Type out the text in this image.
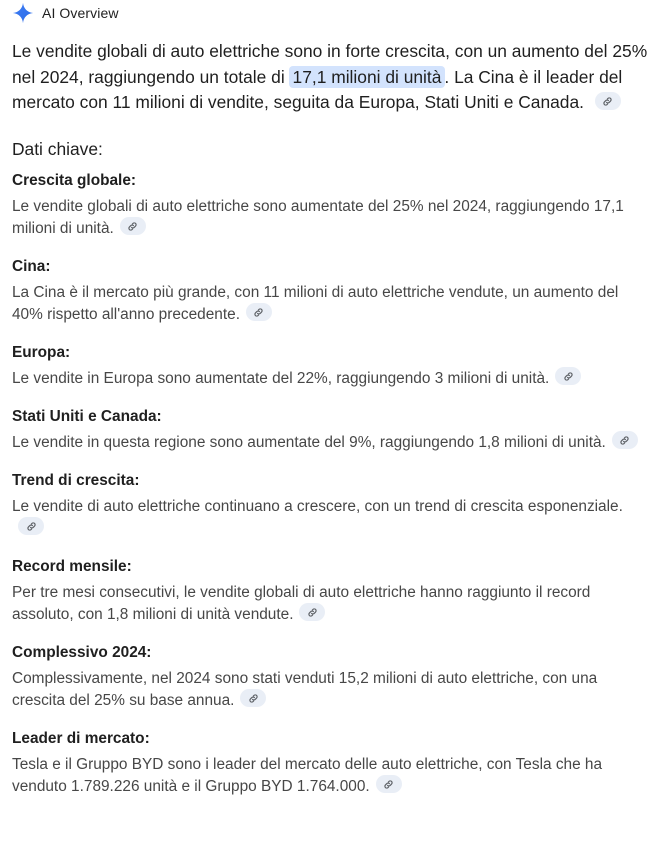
AI Overview
Le vendite globali di auto elettriche sono in forte crescita, con un aumento del 25% nel 2024, raggiungendo un totale di 17,1 milioni di unità . La Cina è il leader del mercato con 11 milioni di vendite, seguita da Europa, Stati Uniti e Canada.
Dati chiave:
Crescita globale:
Le vendite globali di auto elettriche sono aumentate del 25% nel 2024, raggiungendo 17,1 milioni di unità.
Cina:
La Cina è il mercato più grande, con 11 milioni di auto elettriche vendute, un aumento del 40% rispetto all'anno precedente.
Europa:
Le vendite in Europa sono aumentate del 22%, raggiungendo 3 milioni di unità.
Stati Uniti e Canada:
Le vendite in questa regione sono aumentate del 9%, raggiungendo 1,8 milioni di unità.
Trend di crescita:
Le vendite di auto elettriche continuano a crescere, con un trend di crescita esponenziale.
Record mensile:
Per tre mesi consecutivi, le vendite globali di auto elettriche hanno raggiunto il record assoluto, con 1,8 milioni di unità vendute.
Complessivo 2024:
Complessivamente, nel 2024 sono stati venduti 15,2 milioni di auto elettriche, con una crescita del 25% su base annua.
Leader di mercato:
Tesla e il Gruppo BYD sono i leader del mercato delle auto elettriche, con Tesla che ha venduto 1.789.226 unità e il Gruppo BYD 1.764.000.
